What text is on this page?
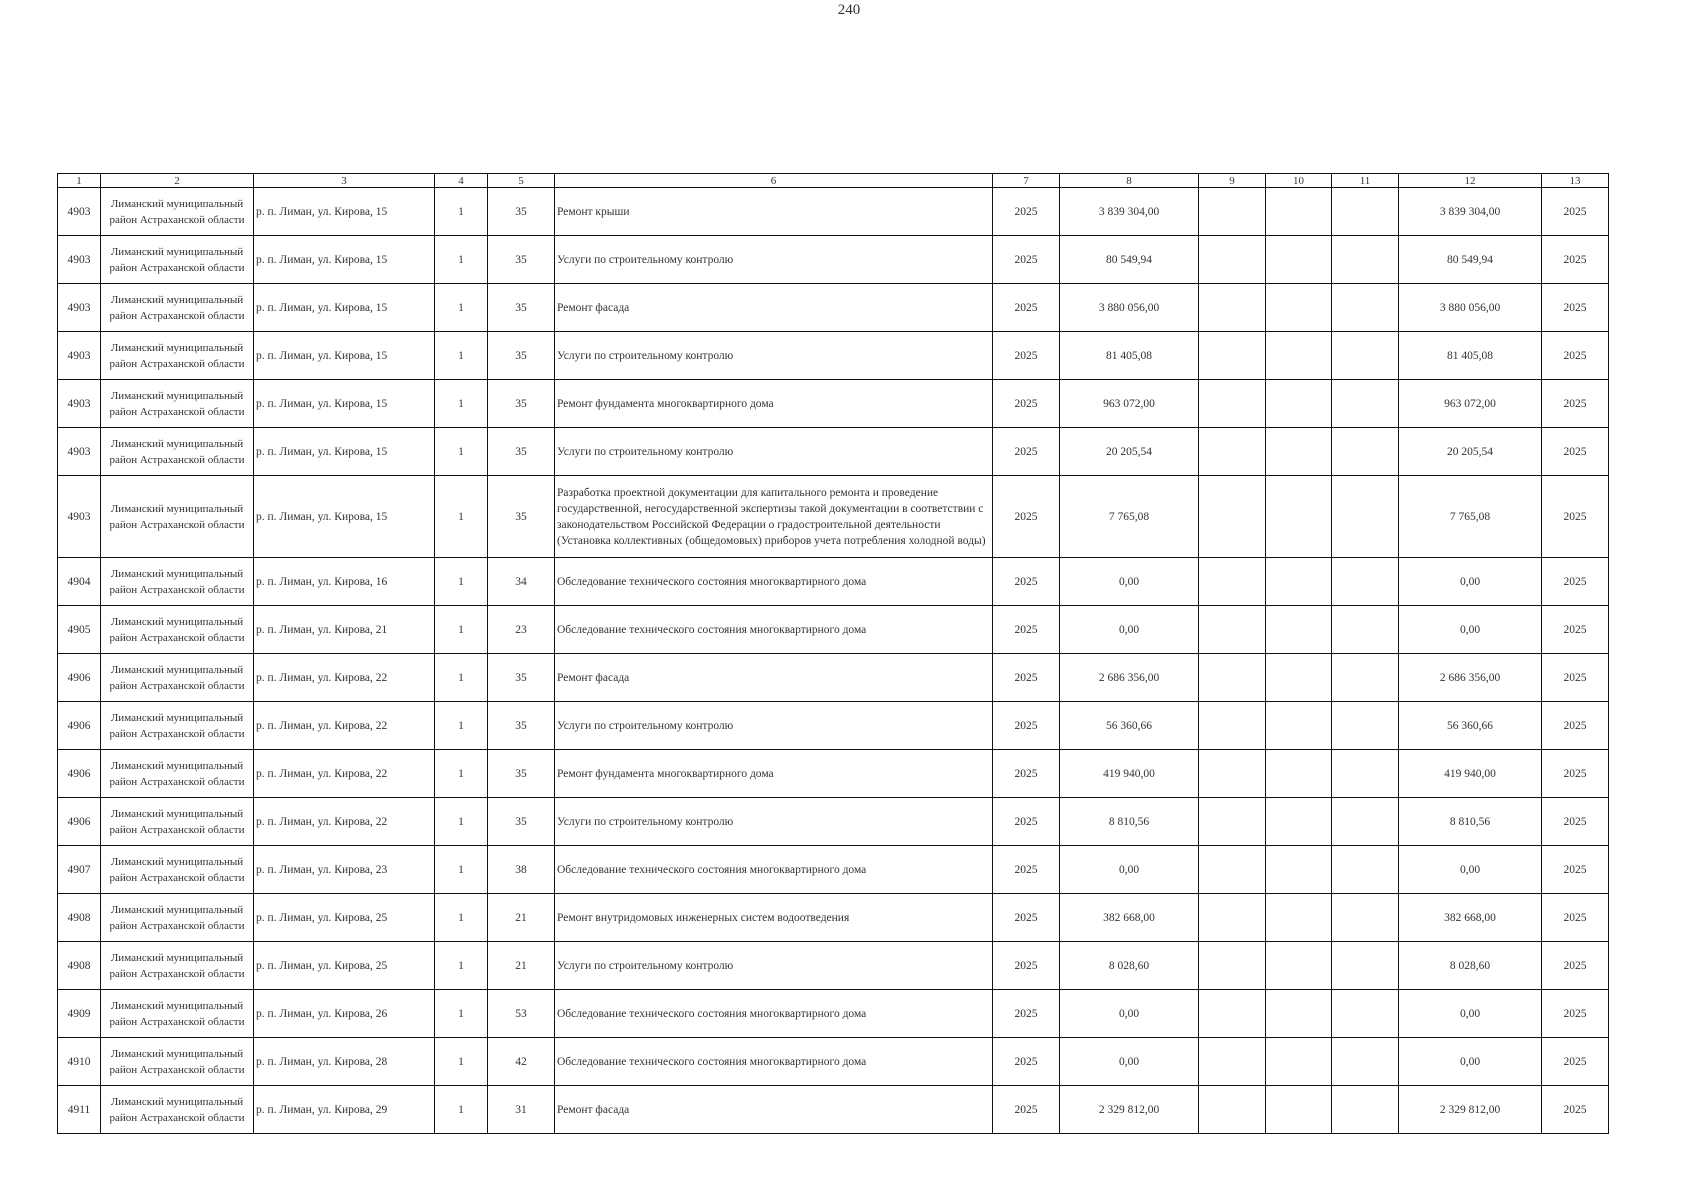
240
1	2	3	4	5	6	7	8	9	10	11	12	13
4903	Лиманский муниципальный район Астраханской области	р. п. Лиман, ул. Кирова, 15	1	35	Ремонт крыши	2025	3 839 304,00				3 839 304,00	2025
4903	Лиманский муниципальный район Астраханской области	р. п. Лиман, ул. Кирова, 15	1	35	Услуги по строительному контролю	2025	80 549,94				80 549,94	2025
4903	Лиманский муниципальный район Астраханской области	р. п. Лиман, ул. Кирова, 15	1	35	Ремонт фасада	2025	3 880 056,00				3 880 056,00	2025
4903	Лиманский муниципальный район Астраханской области	р. п. Лиман, ул. Кирова, 15	1	35	Услуги по строительному контролю	2025	81 405,08				81 405,08	2025
4903	Лиманский муниципальный район Астраханской области	р. п. Лиман, ул. Кирова, 15	1	35	Ремонт фундамента многоквартирного дома	2025	963 072,00				963 072,00	2025
4903	Лиманский муниципальный район Астраханской области	р. п. Лиман, ул. Кирова, 15	1	35	Услуги по строительному контролю	2025	20 205,54				20 205,54	2025
4903	Лиманский муниципальный район Астраханской области	р. п. Лиман, ул. Кирова, 15	1	35	Разработка проектной документации для капитального ремонта и проведение государственной, негосударственной экспертизы такой документации в соответствии с законодательством Российской Федерации о градостроительной деятельности (Установка коллективных (общедомовых) приборов учета потребления холодной воды)	2025	7 765,08				7 765,08	2025
4904	Лиманский муниципальный район Астраханской области	р. п. Лиман, ул. Кирова, 16	1	34	Обследование технического состояния многоквартирного дома	2025	0,00				0,00	2025
4905	Лиманский муниципальный район Астраханской области	р. п. Лиман, ул. Кирова, 21	1	23	Обследование технического состояния многоквартирного дома	2025	0,00				0,00	2025
4906	Лиманский муниципальный район Астраханской области	р. п. Лиман, ул. Кирова, 22	1	35	Ремонт фасада	2025	2 686 356,00				2 686 356,00	2025
4906	Лиманский муниципальный район Астраханской области	р. п. Лиман, ул. Кирова, 22	1	35	Услуги по строительному контролю	2025	56 360,66				56 360,66	2025
4906	Лиманский муниципальный район Астраханской области	р. п. Лиман, ул. Кирова, 22	1	35	Ремонт фундамента многоквартирного дома	2025	419 940,00				419 940,00	2025
4906	Лиманский муниципальный район Астраханской области	р. п. Лиман, ул. Кирова, 22	1	35	Услуги по строительному контролю	2025	8 810,56				8 810,56	2025
4907	Лиманский муниципальный район Астраханской области	р. п. Лиман, ул. Кирова, 23	1	38	Обследование технического состояния многоквартирного дома	2025	0,00				0,00	2025
4908	Лиманский муниципальный район Астраханской области	р. п. Лиман, ул. Кирова, 25	1	21	Ремонт внутридомовых инженерных систем водоотведения	2025	382 668,00				382 668,00	2025
4908	Лиманский муниципальный район Астраханской области	р. п. Лиман, ул. Кирова, 25	1	21	Услуги по строительному контролю	2025	8 028,60				8 028,60	2025
4909	Лиманский муниципальный район Астраханской области	р. п. Лиман, ул. Кирова, 26	1	53	Обследование технического состояния многоквартирного дома	2025	0,00				0,00	2025
4910	Лиманский муниципальный район Астраханской области	р. п. Лиман, ул. Кирова, 28	1	42	Обследование технического состояния многоквартирного дома	2025	0,00				0,00	2025
4911	Лиманский муниципальный район Астраханской области	р. п. Лиман, ул. Кирова, 29	1	31	Ремонт фасада	2025	2 329 812,00				2 329 812,00	2025
